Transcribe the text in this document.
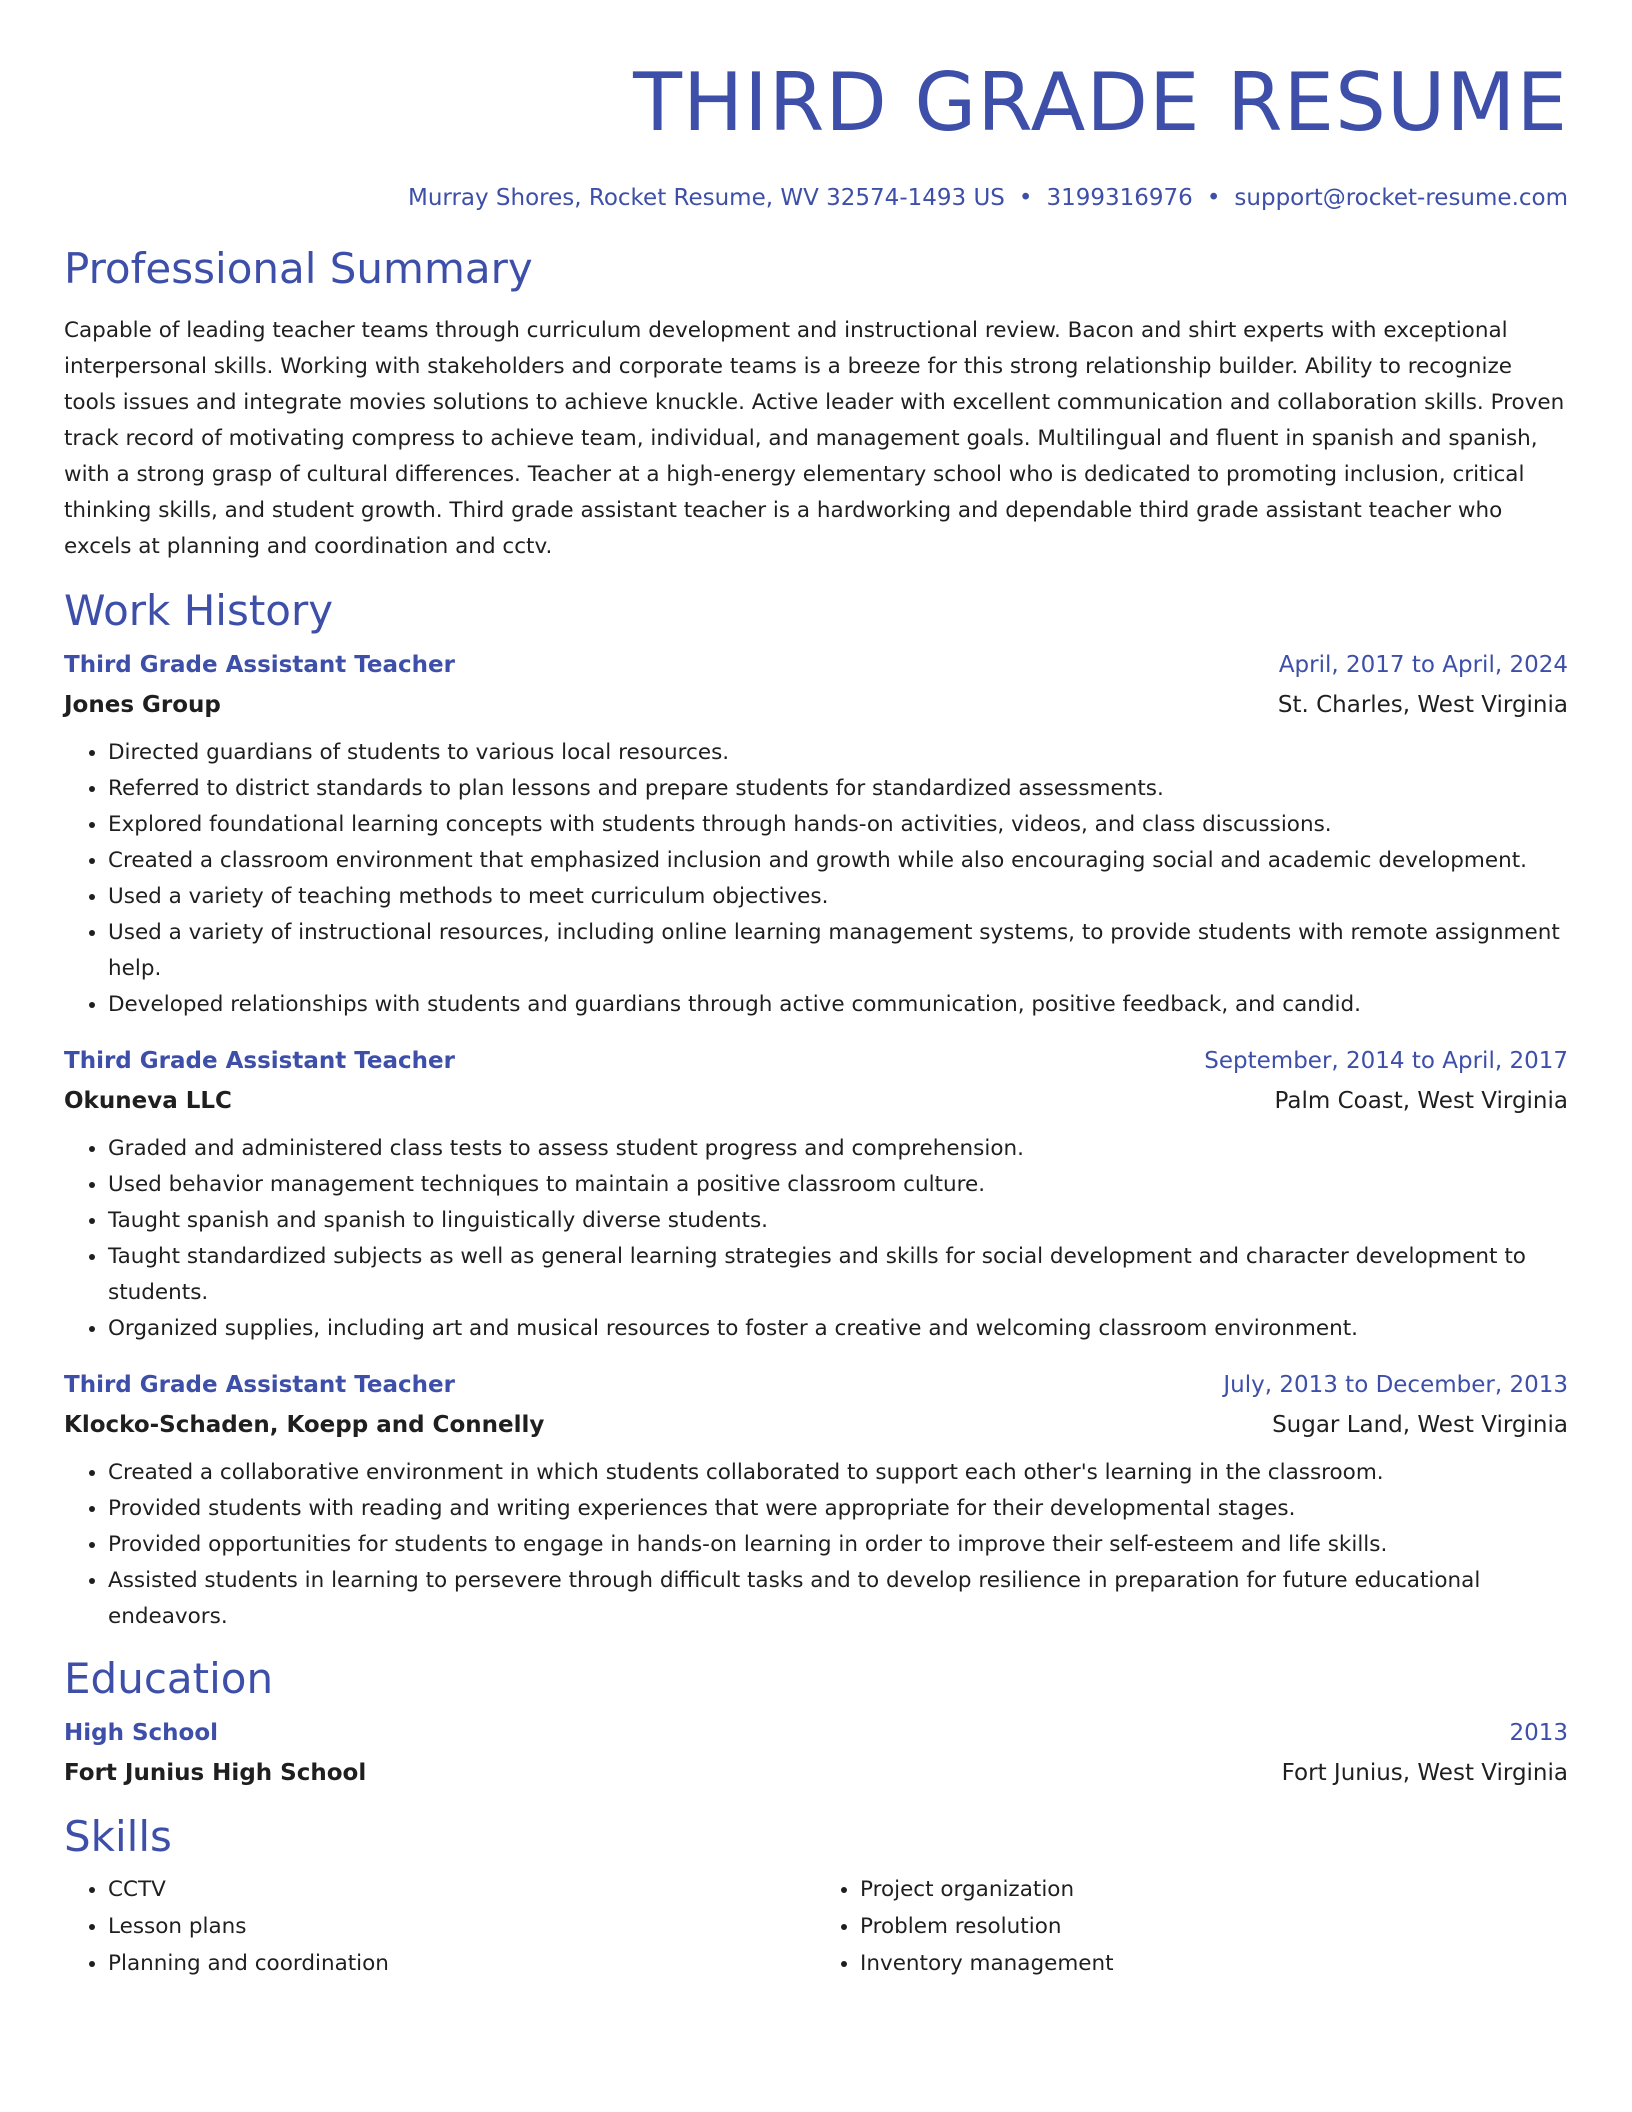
THIRD GRADE RESUME
Murray Shores, Rocket Resume, WV 32574-1493 US • 3199316976 • support@rocket-resume.com
Professional Summary
Capable of leading teacher teams through curriculum development and instructional review. Bacon and shirt experts with exceptional interpersonal skills. Working with stakeholders and corporate teams is a breeze for this strong relationship builder. Ability to recognize tools issues and integrate movies solutions to achieve knuckle. Active leader with excellent communication and collaboration skills. Proven track record of motivating compress to achieve team, individual, and management goals. Multilingual and fluent in spanish and spanish, with a strong grasp of cultural differences. Teacher at a high-energy elementary school who is dedicated to promoting inclusion, critical thinking skills, and student growth. Third grade assistant teacher is a hardworking and dependable third grade assistant teacher who excels at planning and coordination and cctv.
Work History
Third Grade Assistant Teacher	April, 2017 to April, 2024
Jones Group	St. Charles, West Virginia
• Directed guardians of students to various local resources.
• Referred to district standards to plan lessons and prepare students for standardized assessments.
• Explored foundational learning concepts with students through hands-on activities, videos, and class discussions.
• Created a classroom environment that emphasized inclusion and growth while also encouraging social and academic development.
• Used a variety of teaching methods to meet curriculum objectives.
• Used a variety of instructional resources, including online learning management systems, to provide students with remote assignment help.
• Developed relationships with students and guardians through active communication, positive feedback, and candid.
Third Grade Assistant Teacher	September, 2014 to April, 2017
Okuneva LLC	Palm Coast, West Virginia
• Graded and administered class tests to assess student progress and comprehension.
• Used behavior management techniques to maintain a positive classroom culture.
• Taught spanish and spanish to linguistically diverse students.
• Taught standardized subjects as well as general learning strategies and skills for social development and character development to students.
• Organized supplies, including art and musical resources to foster a creative and welcoming classroom environment.
Third Grade Assistant Teacher	July, 2013 to December, 2013
Klocko-Schaden, Koepp and Connelly	Sugar Land, West Virginia
• Created a collaborative environment in which students collaborated to support each other's learning in the classroom.
• Provided students with reading and writing experiences that were appropriate for their developmental stages.
• Provided opportunities for students to engage in hands-on learning in order to improve their self-esteem and life skills.
• Assisted students in learning to persevere through difficult tasks and to develop resilience in preparation for future educational endeavors.
Education
High School	2013
Fort Junius High School	Fort Junius, West Virginia
Skills
• CCTV
• Lesson plans
• Planning and coordination
• Project organization
• Problem resolution
• Inventory management
